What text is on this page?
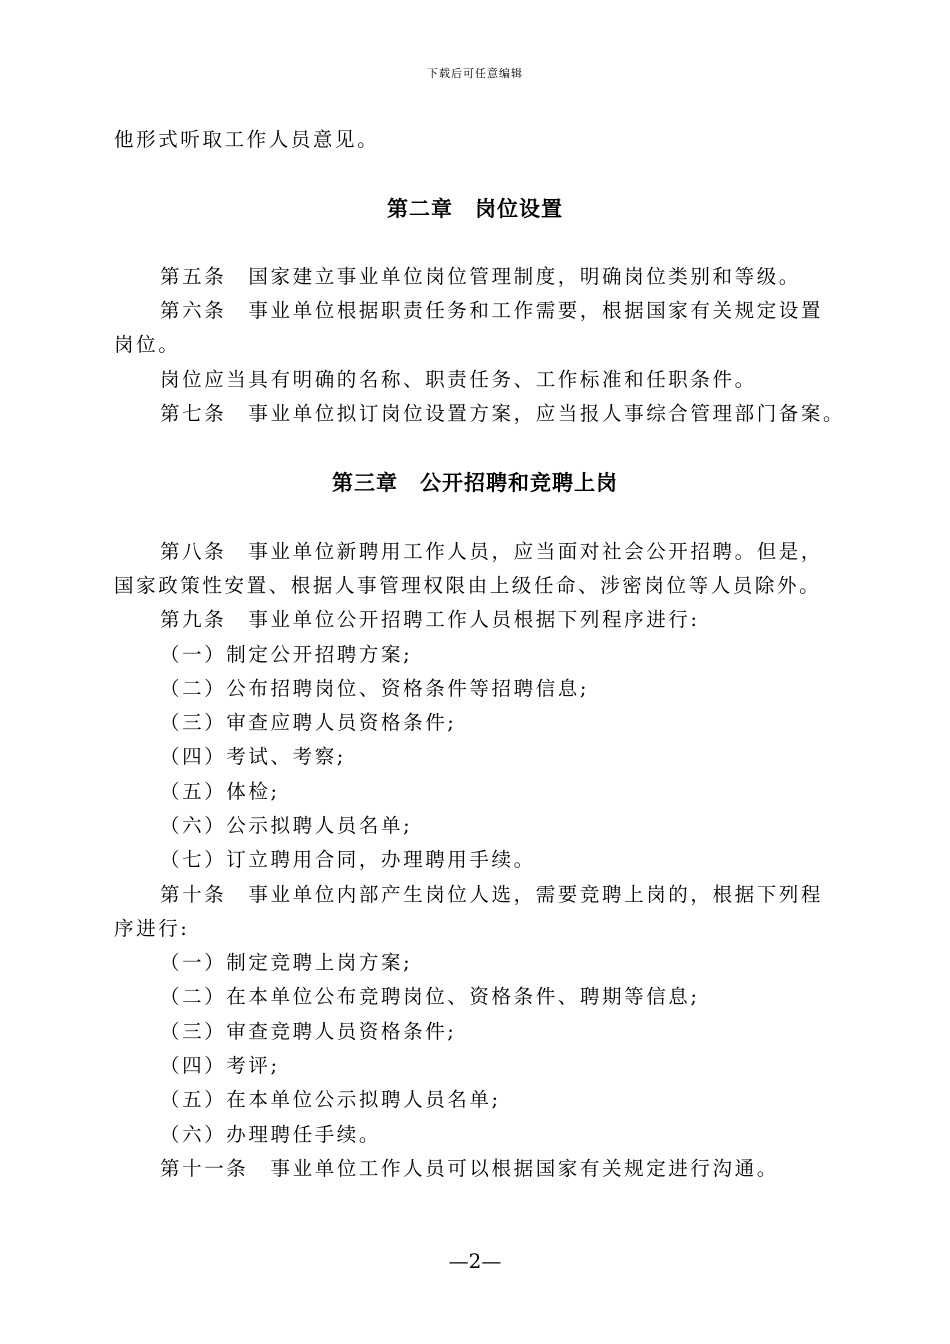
下载后可任意编辑
他形式听取工作人员意见。
第二章　岗位设置
第五条　国家建立事业单位岗位管理制度，明确岗位类别和等级。
第六条　事业单位根据职责任务和工作需要，根据国家有关规定设置
岗位。
岗位应当具有明确的名称、职责任务、工作标准和任职条件。
第七条　事业单位拟订岗位设置方案，应当报人事综合管理部门备案。
第三章　公开招聘和竞聘上岗
第八条　事业单位新聘用工作人员，应当面对社会公开招聘。但是，
国家政策性安置、根据人事管理权限由上级任命、涉密岗位等人员除外。
第九条　事业单位公开招聘工作人员根据下列程序进行:
（一）制定公开招聘方案;
（二）公布招聘岗位、资格条件等招聘信息;
（三）审查应聘人员资格条件;
（四）考试、考察;
（五）体检;
（六）公示拟聘人员名单;
（七）订立聘用合同，办理聘用手续。
第十条　事业单位内部产生岗位人选，需要竞聘上岗的，根据下列程
序进行:
（一）制定竞聘上岗方案;
（二）在本单位公布竞聘岗位、资格条件、聘期等信息;
（三）审查竞聘人员资格条件;
（四）考评;
（五）在本单位公示拟聘人员名单;
（六）办理聘任手续。
第十一条　事业单位工作人员可以根据国家有关规定进行沟通。
—2—
